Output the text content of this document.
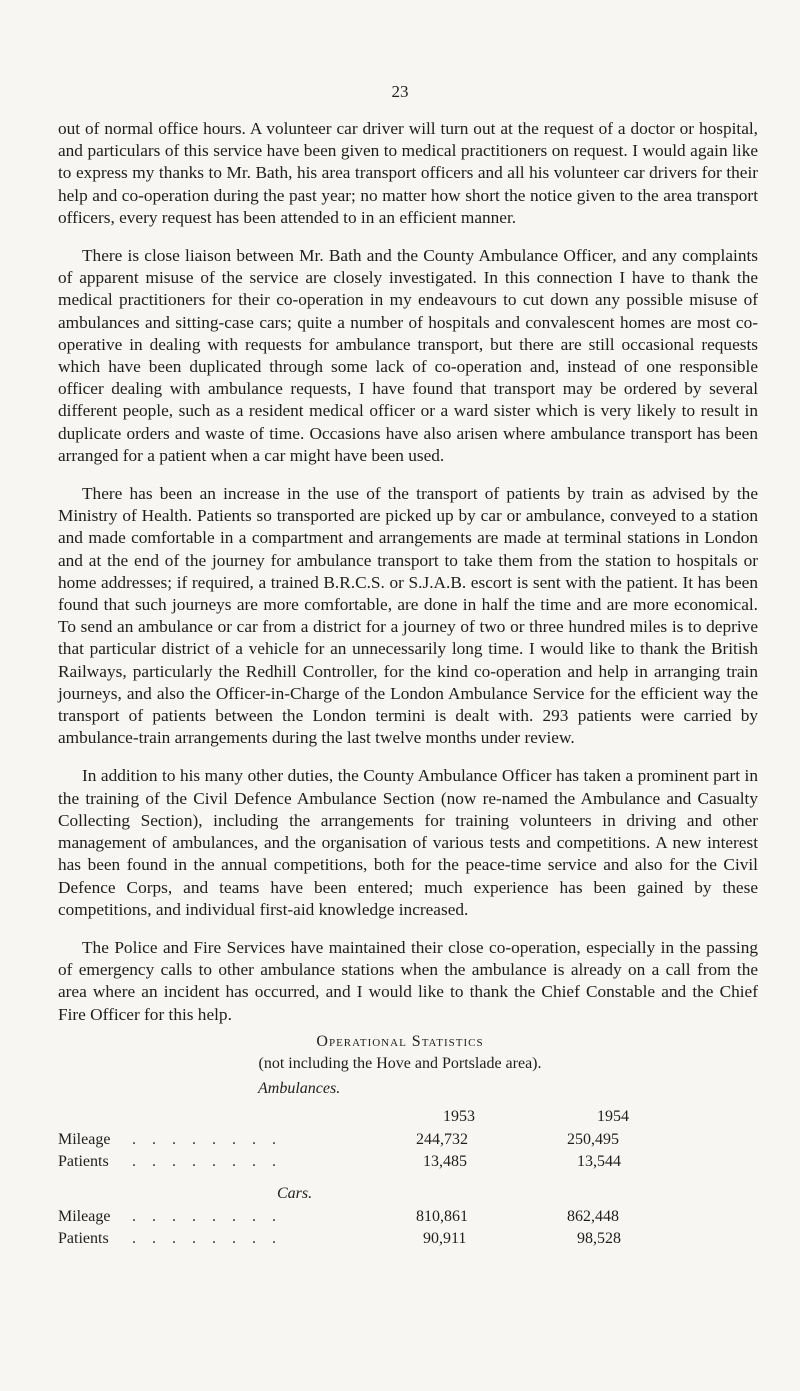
23

out of normal office hours. A volunteer car driver will turn out at the request of a doctor or hospital, and particulars of this service have been given to medical practitioners on request. I would again like to express my thanks to Mr. Bath, his area transport officers and all his volunteer car drivers for their help and co-operation during the past year; no matter how short the notice given to the area transport officers, every request has been attended to in an efficient manner.

There is close liaison between Mr. Bath and the County Ambulance Officer, and any complaints of apparent misuse of the service are closely investigated. In this connection I have to thank the medical practitioners for their co-operation in my endeavours to cut down any possible misuse of ambulances and sitting-case cars; quite a number of hospitals and convalescent homes are most co-operative in dealing with requests for ambulance transport, but there are still occasional requests which have been duplicated through some lack of co-operation and, instead of one responsible officer dealing with ambulance requests, I have found that transport may be ordered by several different people, such as a resident medical officer or a ward sister which is very likely to result in duplicate orders and waste of time. Occasions have also arisen where ambulance transport has been arranged for a patient when a car might have been used.

There has been an increase in the use of the transport of patients by train as advised by the Ministry of Health. Patients so transported are picked up by car or ambulance, conveyed to a station and made comfortable in a compartment and arrangements are made at terminal stations in London and at the end of the journey for ambulance transport to take them from the station to hospitals or home addresses; if required, a trained B.R.C.S. or S.J.A.B. escort is sent with the patient. It has been found that such journeys are more comfortable, are done in half the time and are more economical. To send an ambulance or car from a district for a journey of two or three hundred miles is to deprive that particular district of a vehicle for an unnecessarily long time. I would like to thank the British Railways, particularly the Redhill Controller, for the kind co-operation and help in arranging train journeys, and also the Officer-in-Charge of the London Ambulance Service for the efficient way the transport of patients between the London termini is dealt with. 293 patients were carried by ambulance-train arrangements during the last twelve months under review.

In addition to his many other duties, the County Ambulance Officer has taken a prominent part in the training of the Civil Defence Ambulance Section (now re-named the Ambulance and Casualty Collecting Section), including the arrangements for training volunteers in driving and other management of ambulances, and the organisation of various tests and competitions. A new interest has been found in the annual competitions, both for the peace-time service and also for the Civil Defence Corps, and teams have been entered; much experience has been gained by these competitions, and individual first-aid knowledge increased.

The Police and Fire Services have maintained their close co-operation, especially in the passing of emergency calls to other ambulance stations when the ambulance is already on a call from the area where an incident has occurred, and I would like to thank the Chief Constable and the Chief Fire Officer for this help.

Operational Statistics

(not including the Hove and Portslade area).

Ambulances.
1953	1954
Mileage . . . . . . . .	244,732	250,495
Patients . . . . . . . .	13,485	13,544
Cars.
Mileage . . . . . . . .	810,861	862,448
Patients . . . . . . . .	90,911	98,528
